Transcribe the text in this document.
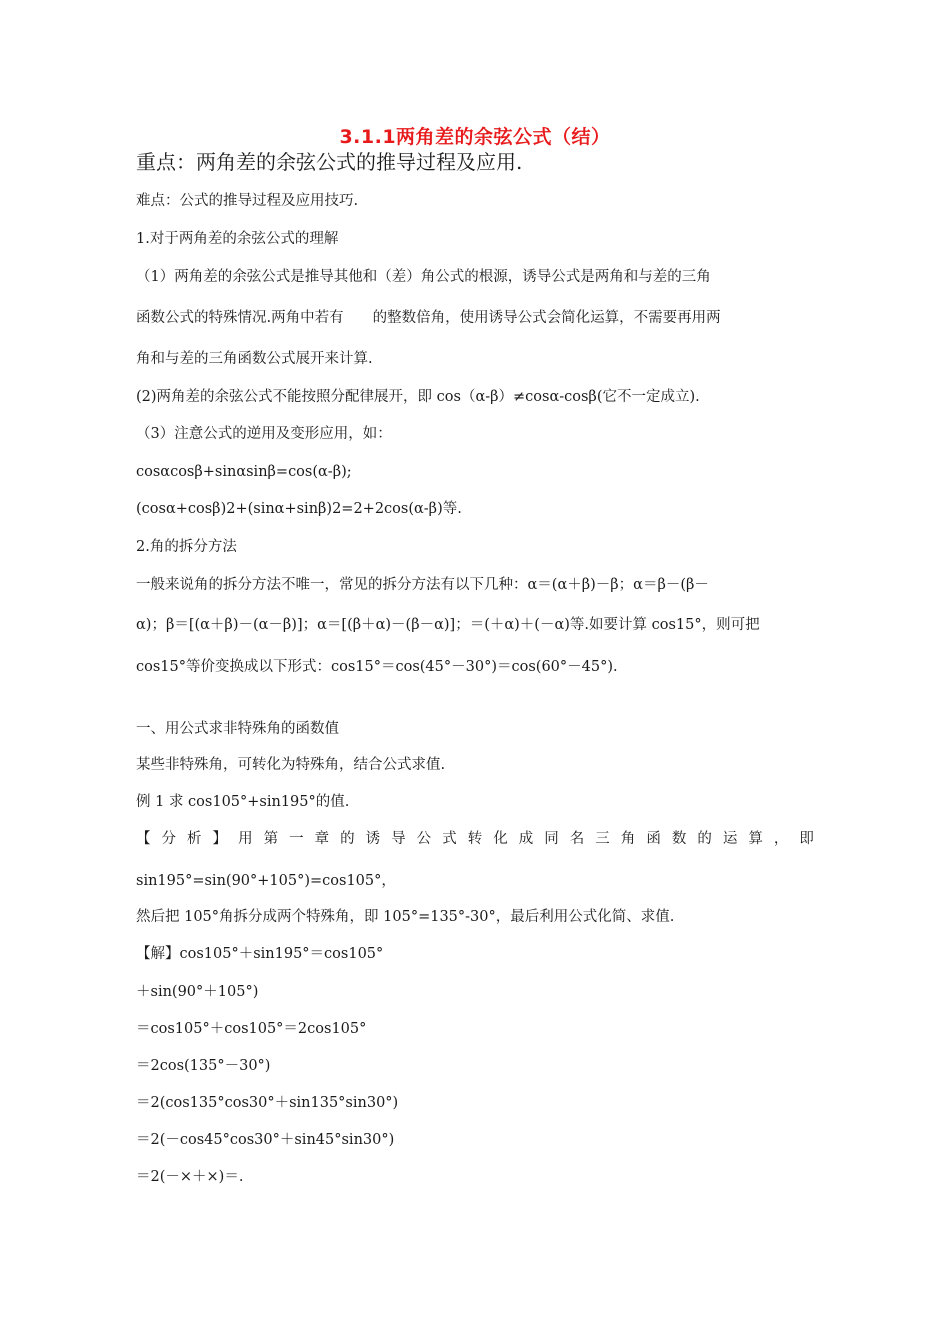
3.1.1两角差的余弦公式（结）
重点：两角差的余弦公式的推导过程及应用.
难点：公式的推导过程及应用技巧.
1.对于两角差的余弦公式的理解
（1）两角差的余弦公式是推导其他和（差）角公式的根源，诱导公式是两角和与差的三角
函数公式的特殊情况.两角中若有　　的整数倍角，使用诱导公式会简化运算，不需要再用两
角和与差的三角函数公式展开来计算.
(2)两角差的余弦公式不能按照分配律展开，即 cos（α-β）≠cosα-cosβ(它不一定成立).
（3）注意公式的逆用及变形应用，如：
cosαcosβ+sinαsinβ=cos(α-β);
(cosα+cosβ)2+(sinα+sinβ)2=2+2cos(α-β)等.
2.角的拆分方法
一般来说角的拆分方法不唯一，常见的拆分方法有以下几种：α＝(α＋β)－β；α＝β－(β－
α)；β＝[(α＋β)－(α－β)]；α＝[(β＋α)－(β－α)]；＝(＋α)＋(－α)等.如要计算 cos15°，则可把
cos15°等价变换成以下形式：cos15°＝cos(45°－30°)＝cos(60°－45°).
一、用公式求非特殊角的函数值
某些非特殊角，可转化为特殊角，结合公式求值.
例 1 求 cos105°+sin195°的值.
【 分 析 】 用 第 一 章 的 诱 导 公 式 转 化 成 同 名 三 角 函 数 的 运 算 ， 即
sin195°=sin(90°+105°)=cos105°，
然后把 105°角拆分成两个特殊角，即 105°=135°-30°，最后利用公式化简、求值.
【解】cos105°＋sin195°＝cos105°
＋sin(90°＋105°)
＝cos105°＋cos105°＝2cos105°
＝2cos(135°－30°)
＝2(cos135°cos30°＋sin135°sin30°)
＝2(－cos45°cos30°＋sin45°sin30°)
＝2(－×＋×)＝.
